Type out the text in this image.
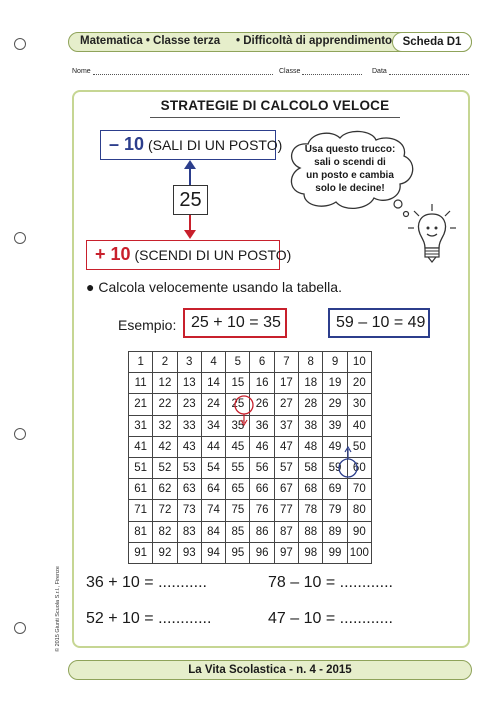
Matematica • Classe terza • Difficoltà di apprendimento Scheda D1
Nome	Classe	Data
STRATEGIE DI CALCOLO VELOCE
– 10 (SALI DI UN POSTO)
25
+ 10 (SCENDI DI UN POSTO)
Usa questo trucco:
sali o scendi di
un posto e cambia
solo le decine!
● Calcola velocemente usando la tabella.
Esempio: 25 + 10 = 35	59 – 10 = 49
1	2	3	4	5	6	7	8	9	10
11	12	13	14	15	16	17	18	19	20
21	22	23	24	25	26	27	28	29	30
31	32	33	34	35	36	37	38	39	40
41	42	43	44	45	46	47	48	49	50
51	52	53	54	55	56	57	58	59	60
61	62	63	64	65	66	67	68	69	70
71	72	73	74	75	76	77	78	79	80
81	82	83	84	85	86	87	88	89	90
91	92	93	94	95	96	97	98	99	100
36 + 10 = ...........	78 – 10 = ............
52 + 10 = ............	47 – 10 = ............
La Vita Scolastica - n. 4 - 2015
© 2015 Giunti Scuola S.r.l., Firenze
